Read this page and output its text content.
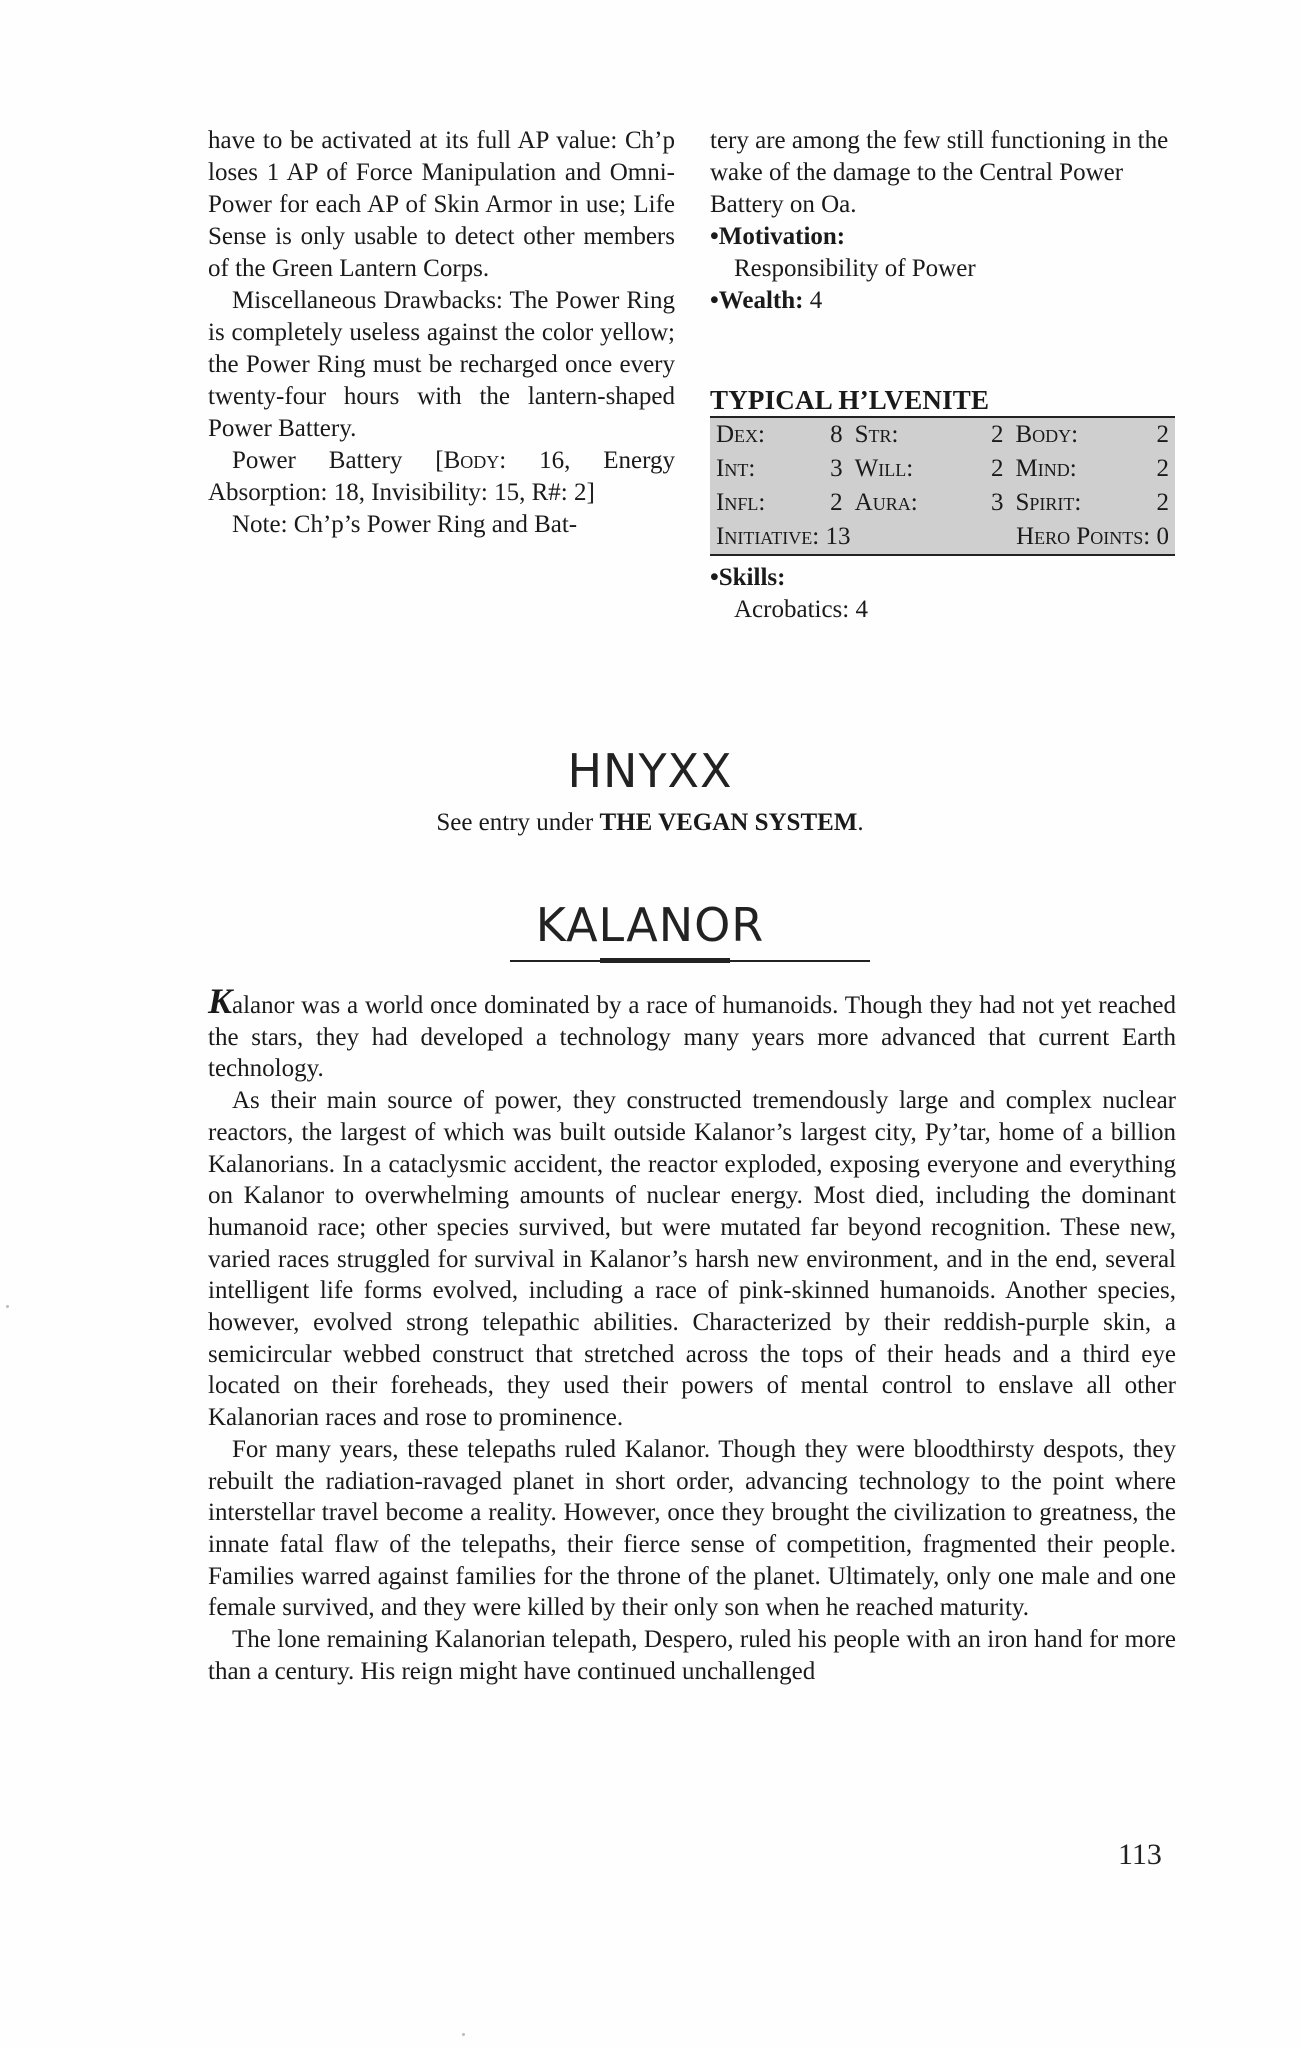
have to be activated at its full AP value: Ch’p loses 1 AP of Force Manipulation and Omni-Power for each AP of Skin Armor in use; Life Sense is only usable to detect other members of the Green Lantern Corps.

Miscellaneous Drawbacks: The Power Ring is completely useless against the color yellow; the Power Ring must be recharged once every twenty-four hours with the lantern-shaped Power Battery.

Power Battery [Body: 16, Energy Absorption: 18, Invisibility: 15, R#: 2]

Note: Ch’p’s Power Ring and Bat-

tery are among the few still functioning in the wake of the damage to the Central Power Battery on Oa.

•Motivation:

Responsibility of Power

•Wealth: 4

TYPICAL H’LVENITE
Dex:	8	Str:	2	Body:	2
Int:	3	Will:	2	Mind:	2
Infl:	2	Aura:	3	Spirit:	2

Initiative: 13 Hero Points: 0					

•Skills:

Acrobatics: 4

HNYXX
See entry under THE VEGAN SYSTEM.
KALANOR

Kalanor was a world once dominated by a race of humanoids. Though they had not yet reached the stars, they had developed a technology many years more advanced that current Earth technology.

As their main source of power, they constructed tremendously large and complex nuclear reactors, the largest of which was built outside Kalanor’s largest city, Py’tar, home of a billion Kalanorians. In a cataclysmic accident, the reactor exploded, exposing everyone and everything on Kalanor to overwhelming amounts of nuclear energy. Most died, including the dominant humanoid race; other species survived, but were mutated far beyond recognition. These new, varied races struggled for survival in Kalanor’s harsh new environment, and in the end, several intelligent life forms evolved, including a race of pink-skinned humanoids. Another species, however, evolved strong telepathic abilities. Characterized by their reddish-purple skin, a semicircular webbed construct that stretched across the tops of their heads and a third eye located on their foreheads, they used their powers of mental control to enslave all other Kalanorian races and rose to prominence.

For many years, these telepaths ruled Kalanor. Though they were bloodthirsty despots, they rebuilt the radiation-ravaged planet in short order, advancing technology to the point where interstellar travel become a reality. However, once they brought the civilization to greatness, the innate fatal flaw of the telepaths, their fierce sense of competition, fragmented their people. Families warred against families for the throne of the planet. Ultimately, only one male and one female survived, and they were killed by their only son when he reached maturity.

The lone remaining Kalanorian telepath, Despero, ruled his people with an iron hand for more than a century. His reign might have continued unchallenged

113
